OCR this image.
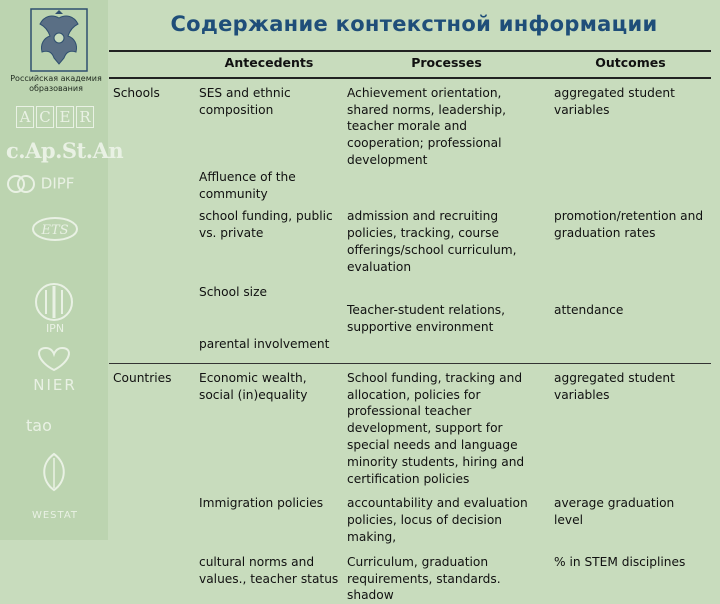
Российская академия образования
A C E R
c.Ap.St.An
DIPF
ETS
IPN
NIER
tao
WESTAT
Содержание контекстной информации
	Antecedents	Processes	Outcomes
Schools	SES and ethnic composition	Achievement orientation, shared norms, leadership, teacher morale and cooperation; professional development	aggregated student variables
	Affluence of the community		
	school funding, public vs. private	admission and recruiting policies, tracking, course offerings/school curriculum, evaluation	promotion/retention and graduation rates
	School size		
		Teacher-student relations, supportive environment	attendance
	parental involvement		
Countries	Economic wealth, social (in)equality	School funding, tracking and allocation, policies for professional teacher development, support for special needs and language minority students, hiring and certification policies	aggregated student variables
	Immigration policies	accountability and evaluation policies, locus of decision making,	average graduation level
	cultural norms and values., teacher status	Curriculum, graduation requirements, standards. shadow	% in STEM disciplines
